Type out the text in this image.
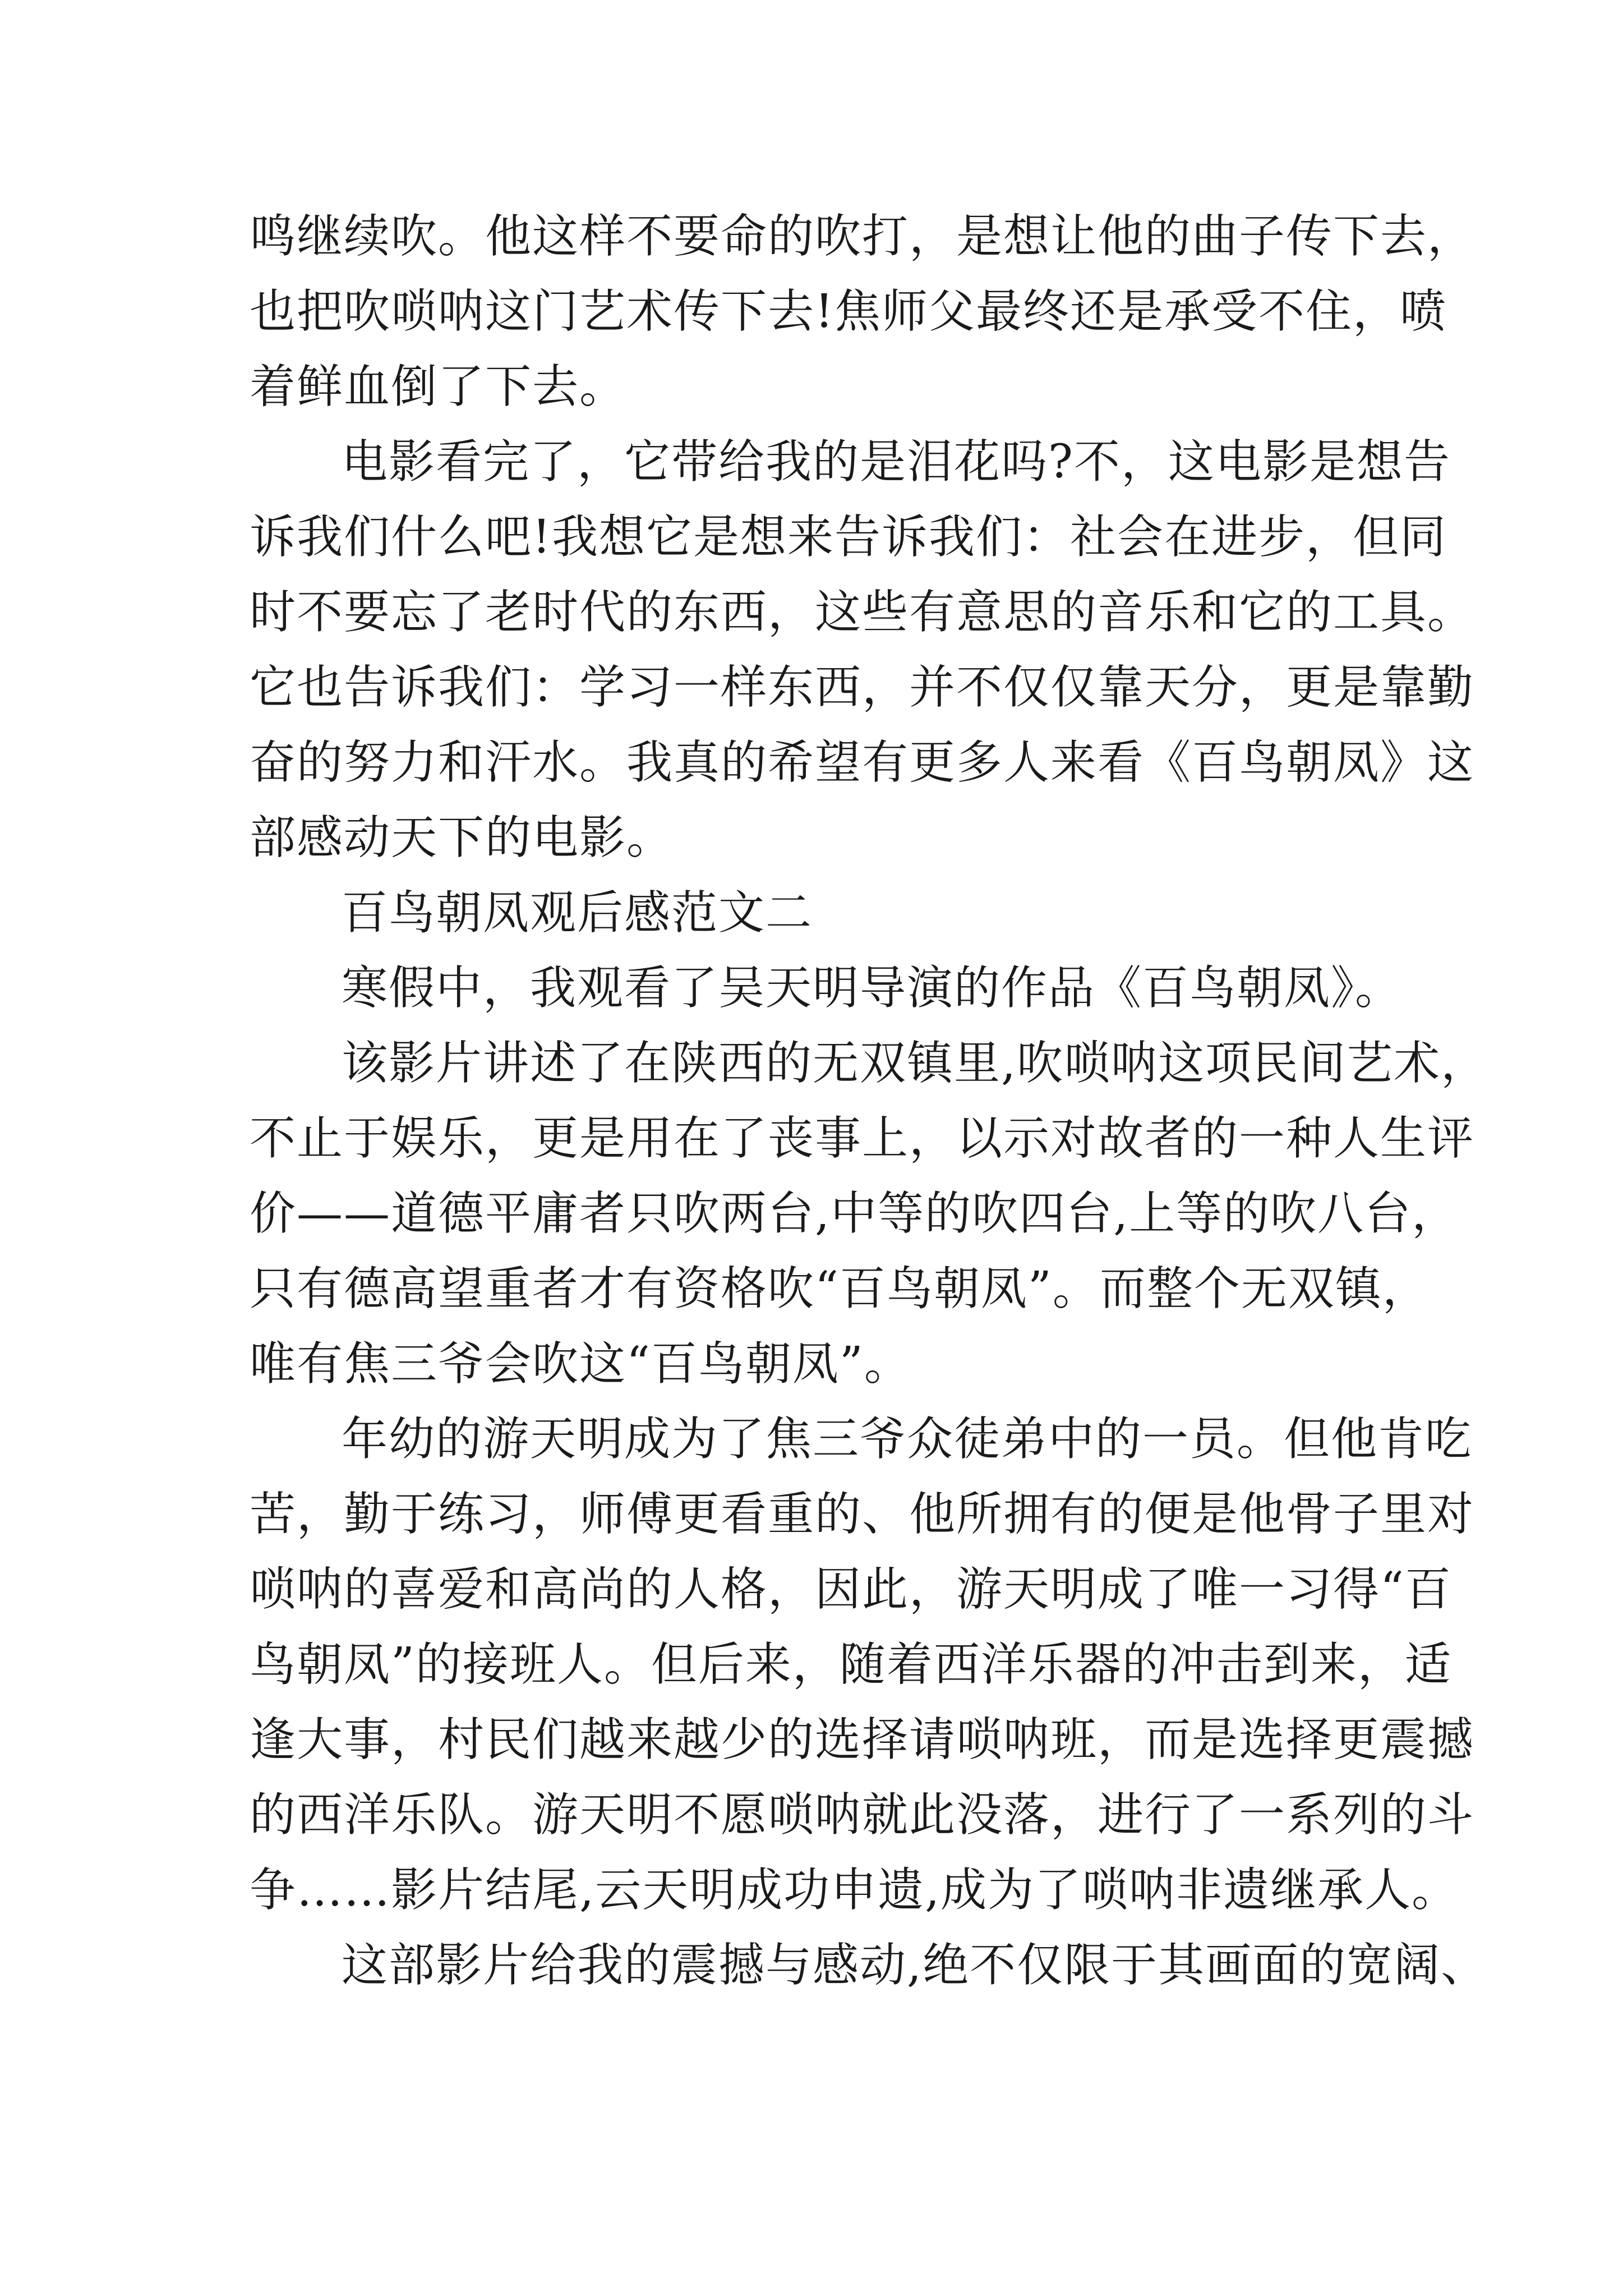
鸣继续吹。他这样不要命的吹打，是想让他的曲子传下去，
也把吹唢呐这门艺术传下去!焦师父最终还是承受不住，喷
着鲜血倒了下去。
电影看完了，它带给我的是泪花吗?不，这电影是想告
诉我们什么吧!我想它是想来告诉我们：社会在进步，但同
时不要忘了老时代的东西，这些有意思的音乐和它的工具。
它也告诉我们：学习一样东西，并不仅仅靠天分，更是靠勤
奋的努力和汗水。我真的希望有更多人来看《百鸟朝凤》这
部感动天下的电影。
百鸟朝凤观后感范文二
寒假中，我观看了吴天明导演的作品《百鸟朝凤》。
该影片讲述了在陕西的无双镇里,吹唢呐这项民间艺术，
不止于娱乐，更是用在了丧事上，以示对故者的一种人生评
价——道德平庸者只吹两台,中等的吹四台,上等的吹八台，
只有德高望重者才有资格吹“百鸟朝凤”。而整个无双镇，
唯有焦三爷会吹这“百鸟朝凤”。
年幼的游天明成为了焦三爷众徒弟中的一员。但他肯吃
苦，勤于练习，师傅更看重的、他所拥有的便是他骨子里对
唢呐的喜爱和高尚的人格，因此，游天明成了唯一习得“百
鸟朝凤”的接班人。但后来，随着西洋乐器的冲击到来，适
逢大事，村民们越来越少的选择请唢呐班，而是选择更震撼
的西洋乐队。游天明不愿唢呐就此没落，进行了一系列的斗
争……影片结尾,云天明成功申遗,成为了唢呐非遗继承人。
这部影片给我的震撼与感动,绝不仅限于其画面的宽阔、
